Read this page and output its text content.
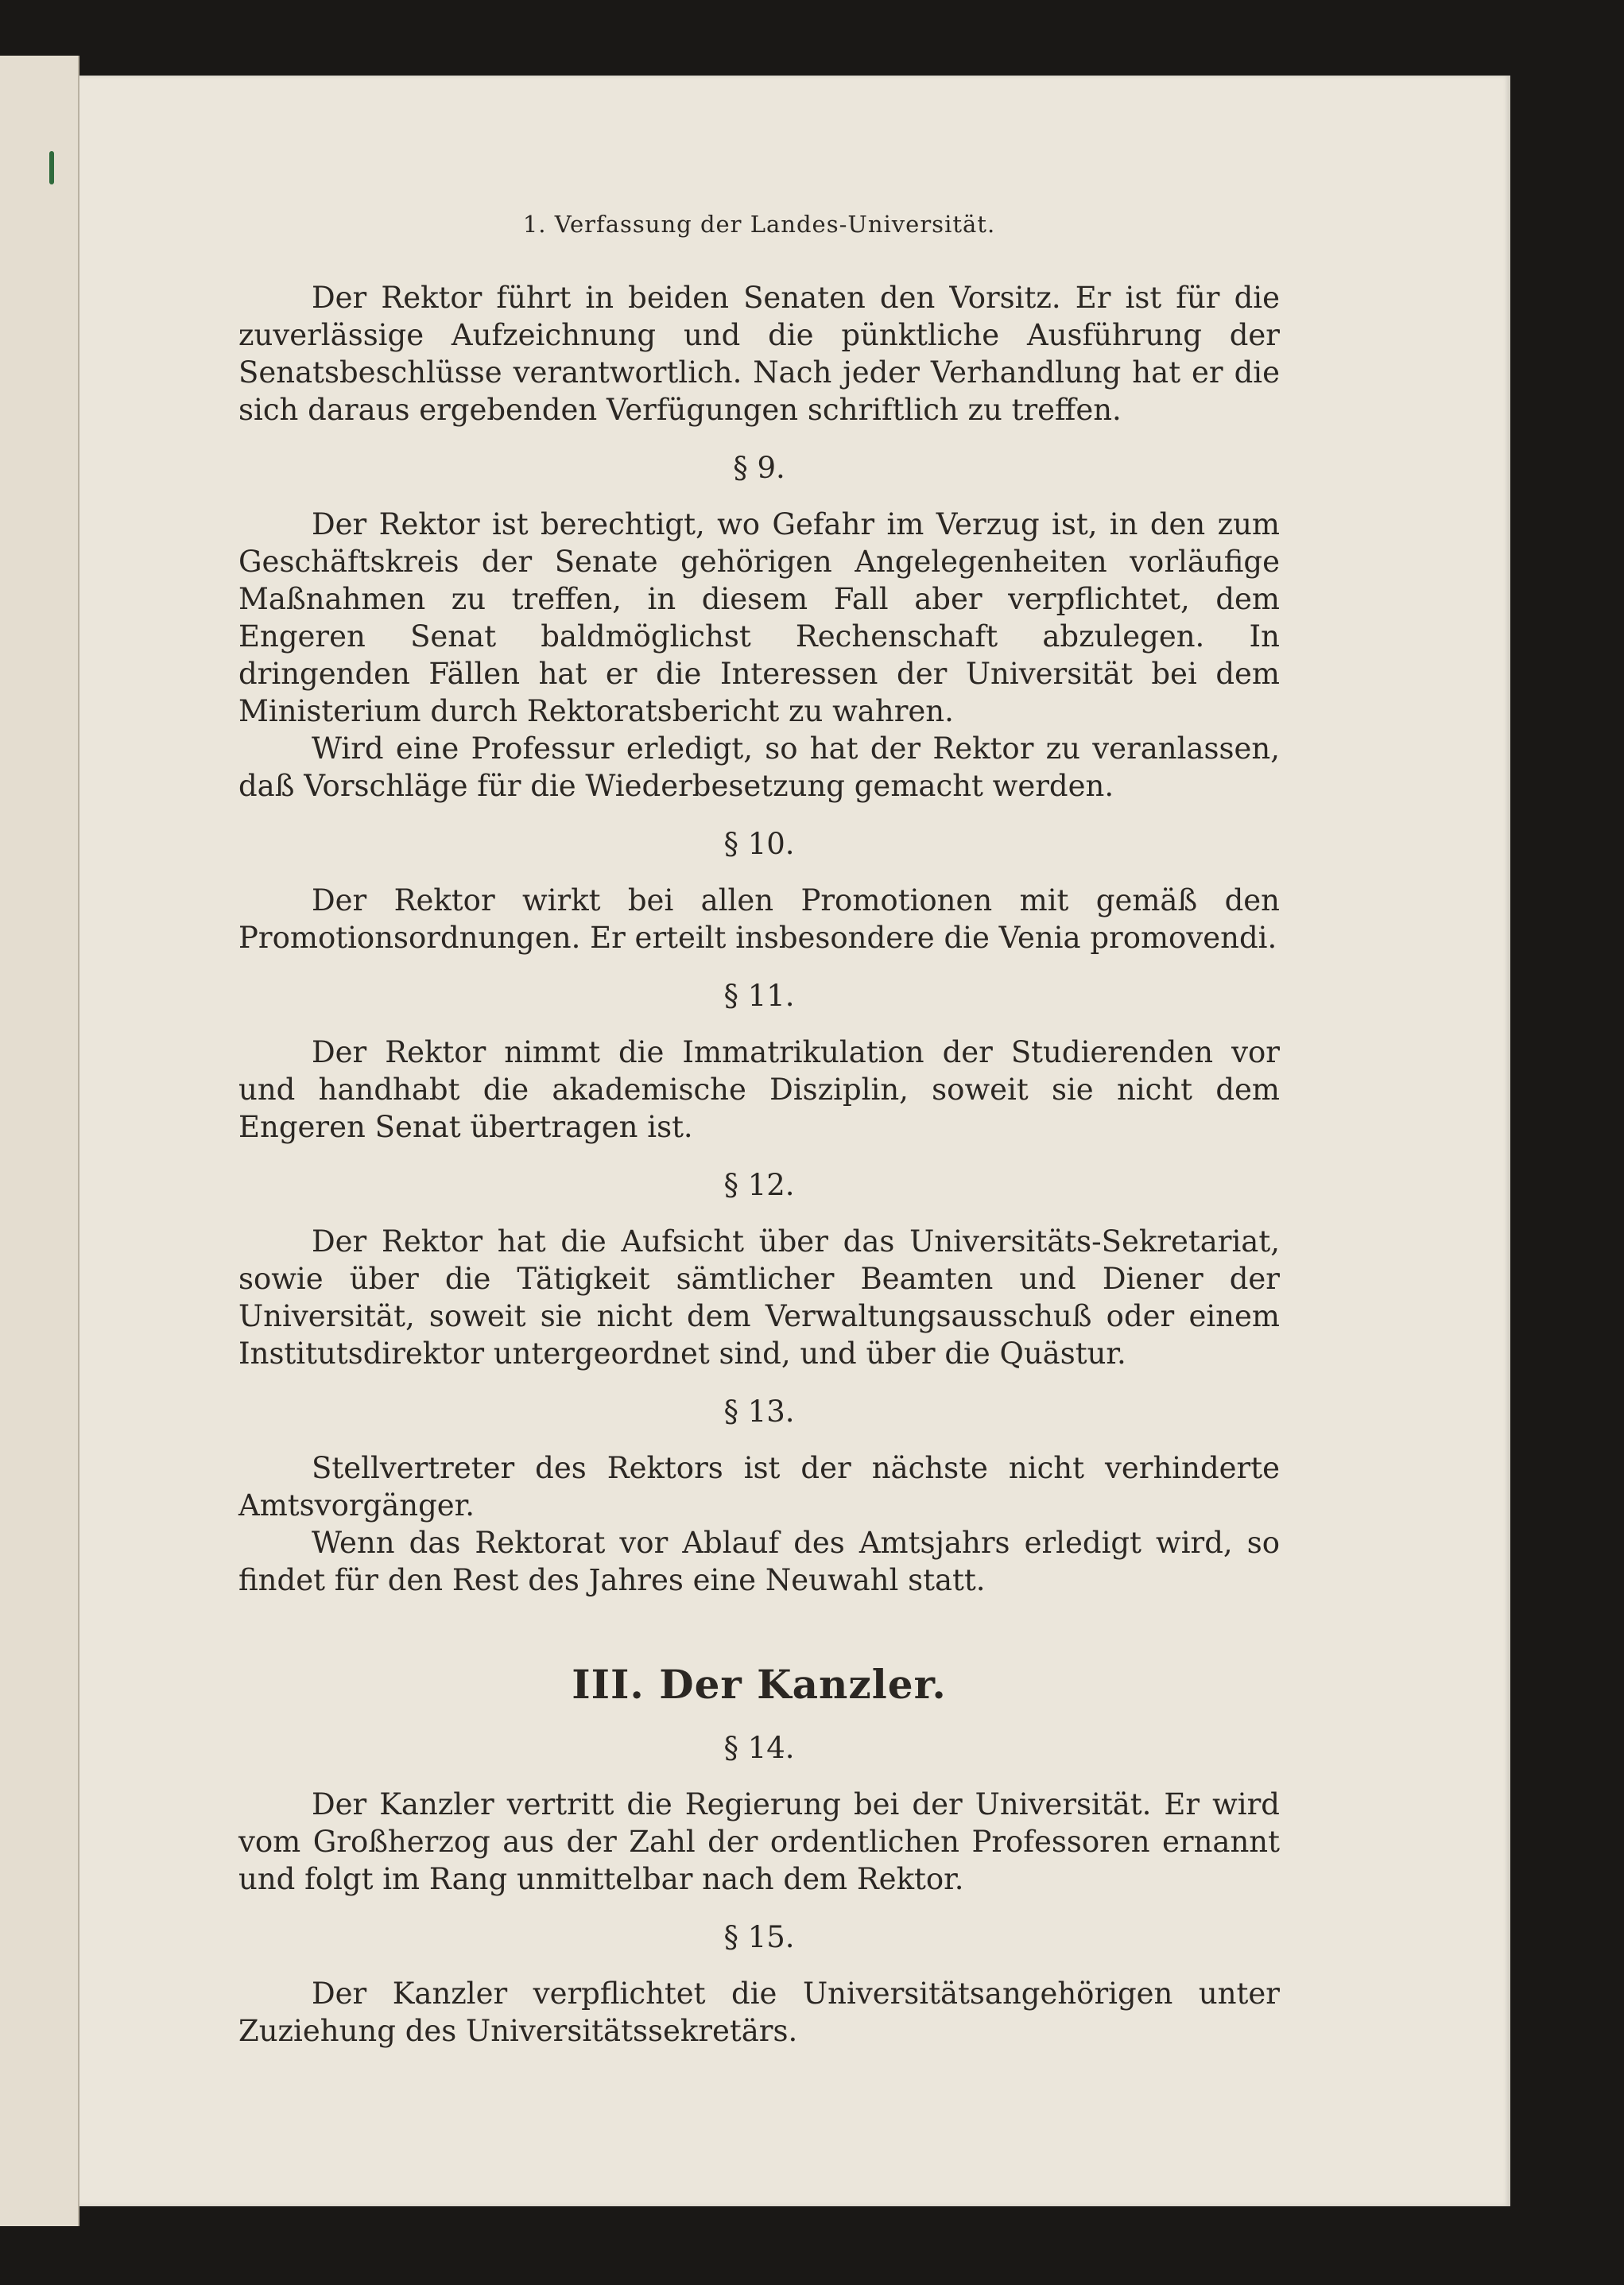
1. Verfassung der Landes-Universität.

Der Rektor führt in beiden Senaten den Vorsitz. Er ist für die zuverlässige Aufzeichnung und die pünktliche Ausführung der Senatsbeschlüsse verantwortlich. Nach jeder Verhandlung hat er die sich daraus ergebenden Verfügungen schriftlich zu treffen.

§ 9.

Der Rektor ist berechtigt, wo Gefahr im Verzug ist, in den zum Geschäftskreis der Senate gehörigen Angelegenheiten vorläufige Maßnahmen zu treffen, in diesem Fall aber verpflichtet, dem Engeren Senat baldmöglichst Rechenschaft abzulegen. In dringenden Fällen hat er die Interessen der Universität bei dem Ministerium durch Rektoratsbericht zu wahren.

Wird eine Professur erledigt, so hat der Rektor zu veranlassen, daß Vorschläge für die Wiederbesetzung gemacht werden.

§ 10.

Der Rektor wirkt bei allen Promotionen mit gemäß den Promotionsordnungen. Er erteilt insbesondere die Venia promovendi.

§ 11.

Der Rektor nimmt die Immatrikulation der Studierenden vor und handhabt die akademische Disziplin, soweit sie nicht dem Engeren Senat übertragen ist.

§ 12.

Der Rektor hat die Aufsicht über das Universitäts-Sekretariat, sowie über die Tätigkeit sämtlicher Beamten und Diener der Universität, soweit sie nicht dem Verwaltungsausschuß oder einem Institutsdirektor untergeordnet sind, und über die Quästur.

§ 13.

Stellvertreter des Rektors ist der nächste nicht verhinderte Amtsvorgänger.

Wenn das Rektorat vor Ablauf des Amtsjahrs erledigt wird, so findet für den Rest des Jahres eine Neuwahl statt.

III. Der Kanzler.
§ 14.

Der Kanzler vertritt die Regierung bei der Universität. Er wird vom Großherzog aus der Zahl der ordentlichen Professoren ernannt und folgt im Rang unmittelbar nach dem Rektor.

§ 15.

Der Kanzler verpflichtet die Universitätsangehörigen unter Zuziehung des Universitätssekretärs.
